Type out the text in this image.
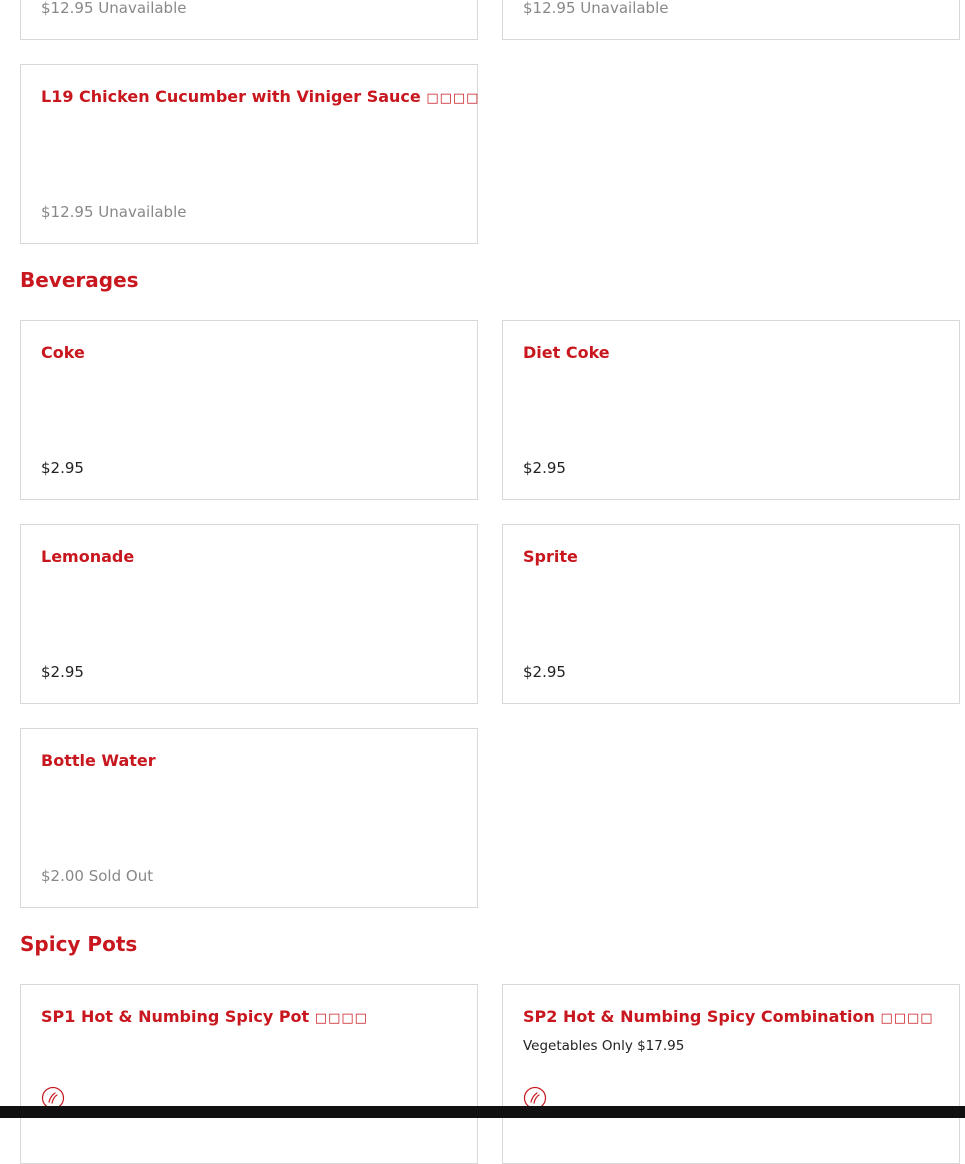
$12.95 Unavailable	$12.95 Unavailable
L19 Chicken Cucumber with Viniger Sauce □□□□
$12.95 Unavailable
Beverages
Coke
$2.95
Diet Coke
$2.95
Lemonade
$2.95
Sprite
$2.95
Bottle Water
$2.00 Sold Out
Spicy Pots
SP1 Hot & Numbing Spicy Pot □□□□	SP2 Hot & Numbing Spicy Combination □□□□
Vegetables Only $17.95
